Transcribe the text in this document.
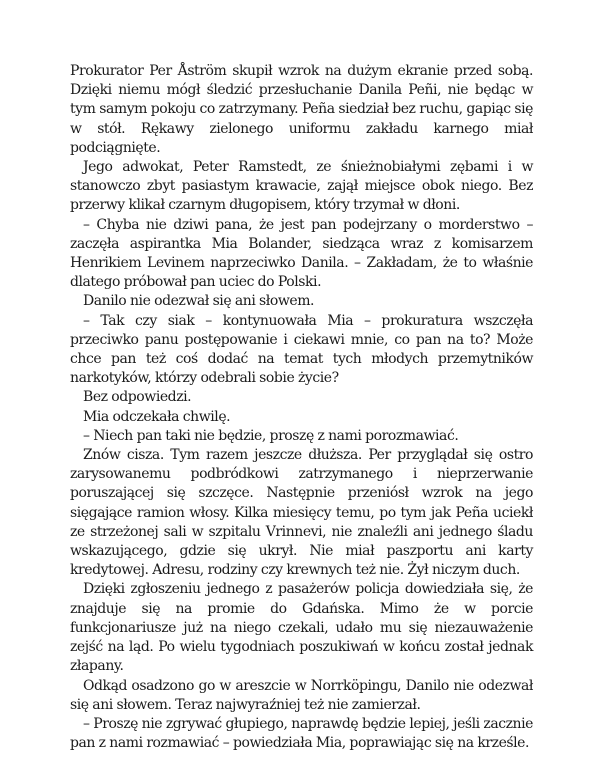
Prokurator Per Åström skupił wzrok na dużym ekranie przed sobą. Dzięki niemu mógł śledzić przesłuchanie Danila Peñi, nie będąc w tym samym pokoju co zatrzymany. Peña siedział bez ruchu, gapiąc się w stół. Rękawy zielonego uniformu zakładu karnego miał podciągnięte.

Jego adwokat, Peter Ramstedt, ze śnieżnobiałymi zębami i w stanowczo zbyt pasiastym krawacie, zajął miejsce obok niego. Bez przerwy klikał czarnym długopisem, który trzymał w dłoni.

– Chyba nie dziwi pana, że jest pan podejrzany o morderstwo – zaczęła aspirantka Mia Bolander, siedząca wraz z komisarzem Henrikiem Levinem naprzeciwko Danila. – Zakładam, że to właśnie dlatego próbował pan uciec do Polski.

Danilo nie odezwał się ani słowem.

– Tak czy siak – kontynuowała Mia – prokuratura wszczęła przeciwko panu postępowanie i ciekawi mnie, co pan na to? Może chce pan też coś dodać na temat tych młodych przemytników narkotyków, którzy odebrali sobie życie?

Bez odpowiedzi.

Mia odczekała chwilę.

– Niech pan taki nie będzie, proszę z nami porozmawiać.

Znów cisza. Tym razem jeszcze dłuższa. Per przyglądał się ostro zarysowanemu podbródkowi zatrzymanego i nieprzerwanie poruszającej się szczęce. Następnie przeniósł wzrok na jego sięgające ramion włosy. Kilka miesięcy temu, po tym jak Peña uciekł ze strzeżonej sali w szpitalu Vrinnevi, nie znaleźli ani jednego śladu wskazującego, gdzie się ukrył. Nie miał paszportu ani karty kredytowej. Adresu, rodziny czy krewnych też nie. Żył niczym duch.

Dzięki zgłoszeniu jednego z pasażerów policja dowiedziała się, że znajduje się na promie do Gdańska. Mimo że w porcie funkcjonariusze już na niego czekali, udało mu się niezauważenie zejść na ląd. Po wielu tygodniach poszukiwań w końcu został jednak złapany.

Odkąd osadzono go w areszcie w Norrköpingu, Danilo nie odezwał się ani słowem. Teraz najwyraźniej też nie zamierzał.

– Proszę nie zgrywać głupiego, naprawdę będzie lepiej, jeśli zacznie pan z nami rozmawiać – powiedziała Mia, poprawiając się na krześle.
